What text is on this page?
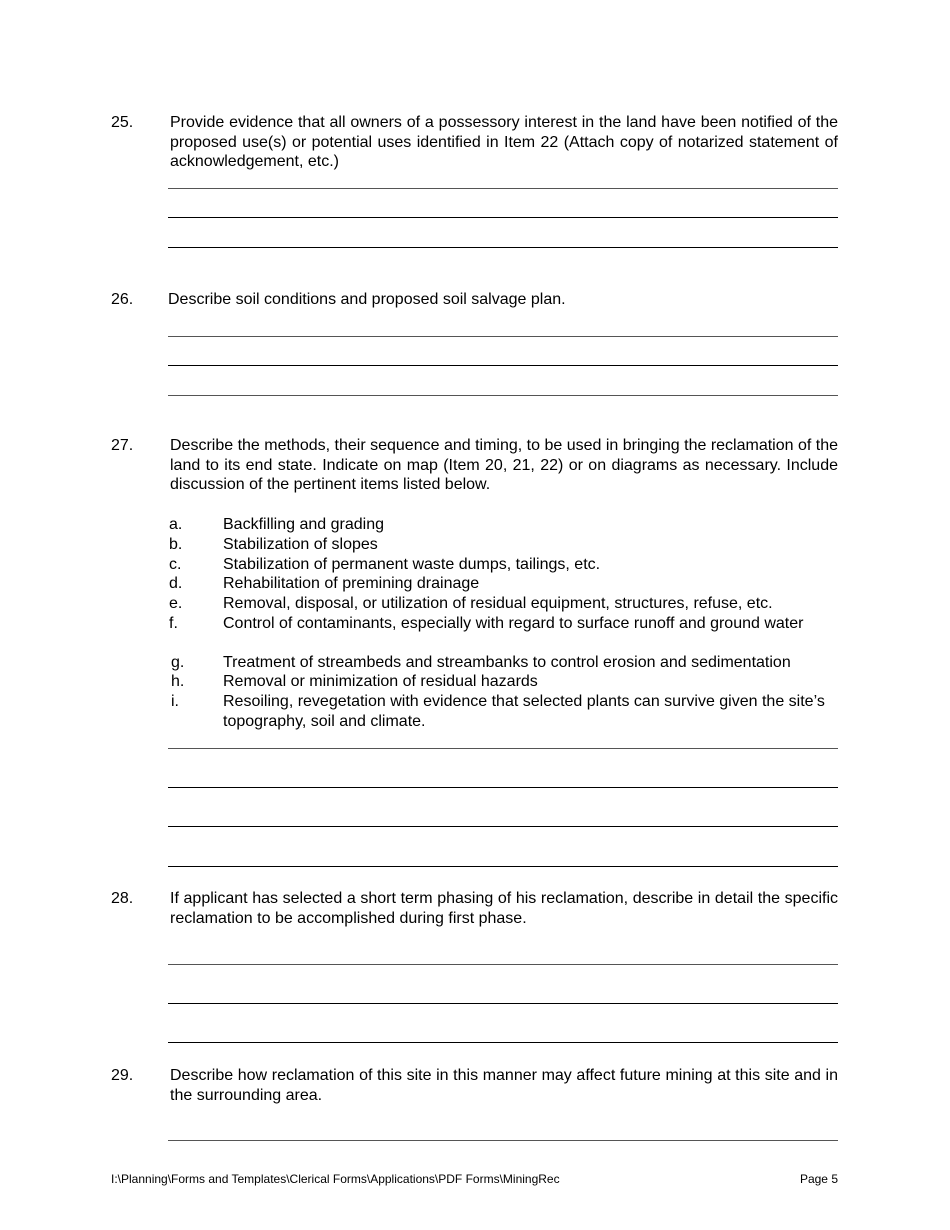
25.	Provide evidence that all owners of a possessory interest in the land have been notified of the proposed use(s) or potential uses identified in Item 22 (Attach copy of notarized statement of acknowledgement, etc.)

26.	Describe soil conditions and proposed soil salvage plan.

27.	Describe the methods, their sequence and timing, to be used in bringing the reclamation of the land to its end state. Indicate on map (Item 20, 21, 22) or on diagrams as necessary. Include discussion of the pertinent items listed below.

a.	Backfilling and grading

b.	Stabilization of slopes

c.	Stabilization of permanent waste dumps, tailings, etc.

d.	Rehabilitation of premining drainage

e.	Removal, disposal, or utilization of residual equipment, structures, refuse, etc.

f.	Control of contaminants, especially with regard to surface runoff and ground water

g.	Treatment of streambeds and streambanks to control erosion and sedimentation

h.	Removal or minimization of residual hazards

i.	Resoiling, revegetation with evidence that selected plants can survive given the site’s topography, soil and climate.

28.	If applicant has selected a short term phasing of his reclamation, describe in detail the specific reclamation to be accomplished during first phase.

29.	Describe how reclamation of this site in this manner may affect future mining at this site and in the surrounding area.

I:\Planning\Forms and Templates\Clerical Forms\Applications\PDF Forms\MiningRec	Page 5
